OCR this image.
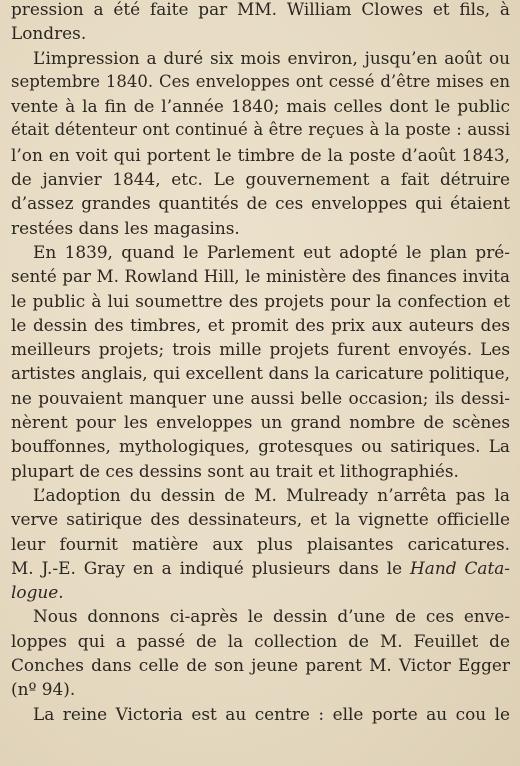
pression a été faite par MM. William Clowes et fils, à
Londres.
L’impression a duré six mois environ, jusqu’en août ou
septembre 1840. Ces enveloppes ont cessé d’être mises en
vente à la fin de l’année 1840; mais celles dont le public
était détenteur ont continué à être reçues à la poste : aussi
l’on en voit qui portent le timbre de la poste d’août 1843,
de janvier 1844, etc. Le gouvernement a fait détruire
d’assez grandes quantités de ces enveloppes qui étaient
restées dans les magasins.
En 1839, quand le Parlement eut adopté le plan pré-
senté par M. Rowland Hill, le ministère des finances invita
le public à lui soumettre des projets pour la confection et
le dessin des timbres, et promit des prix aux auteurs des
meilleurs projets; trois mille projets furent envoyés. Les
artistes anglais, qui excellent dans la caricature politique,
ne pouvaient manquer une aussi belle occasion; ils dessi-
nèrent pour les enveloppes un grand nombre de scènes
bouffonnes, mythologiques, grotesques ou satiriques. La
plupart de ces dessins sont au trait et lithographiés.
L’adoption du dessin de M. Mulready n’arrêta pas la
verve satirique des dessinateurs, et la vignette officielle
leur fournit matière aux plus plaisantes caricatures.
M. J.-E. Gray en a indiqué plusieurs dans le Hand Cata-
logue.
Nous donnons ci-après le dessin d’une de ces enve-
loppes qui a passé de la collection de M. Feuillet de
Conches dans celle de son jeune parent M. Victor Egger
(nº 94).
La reine Victoria est au centre : elle porte au cou le
